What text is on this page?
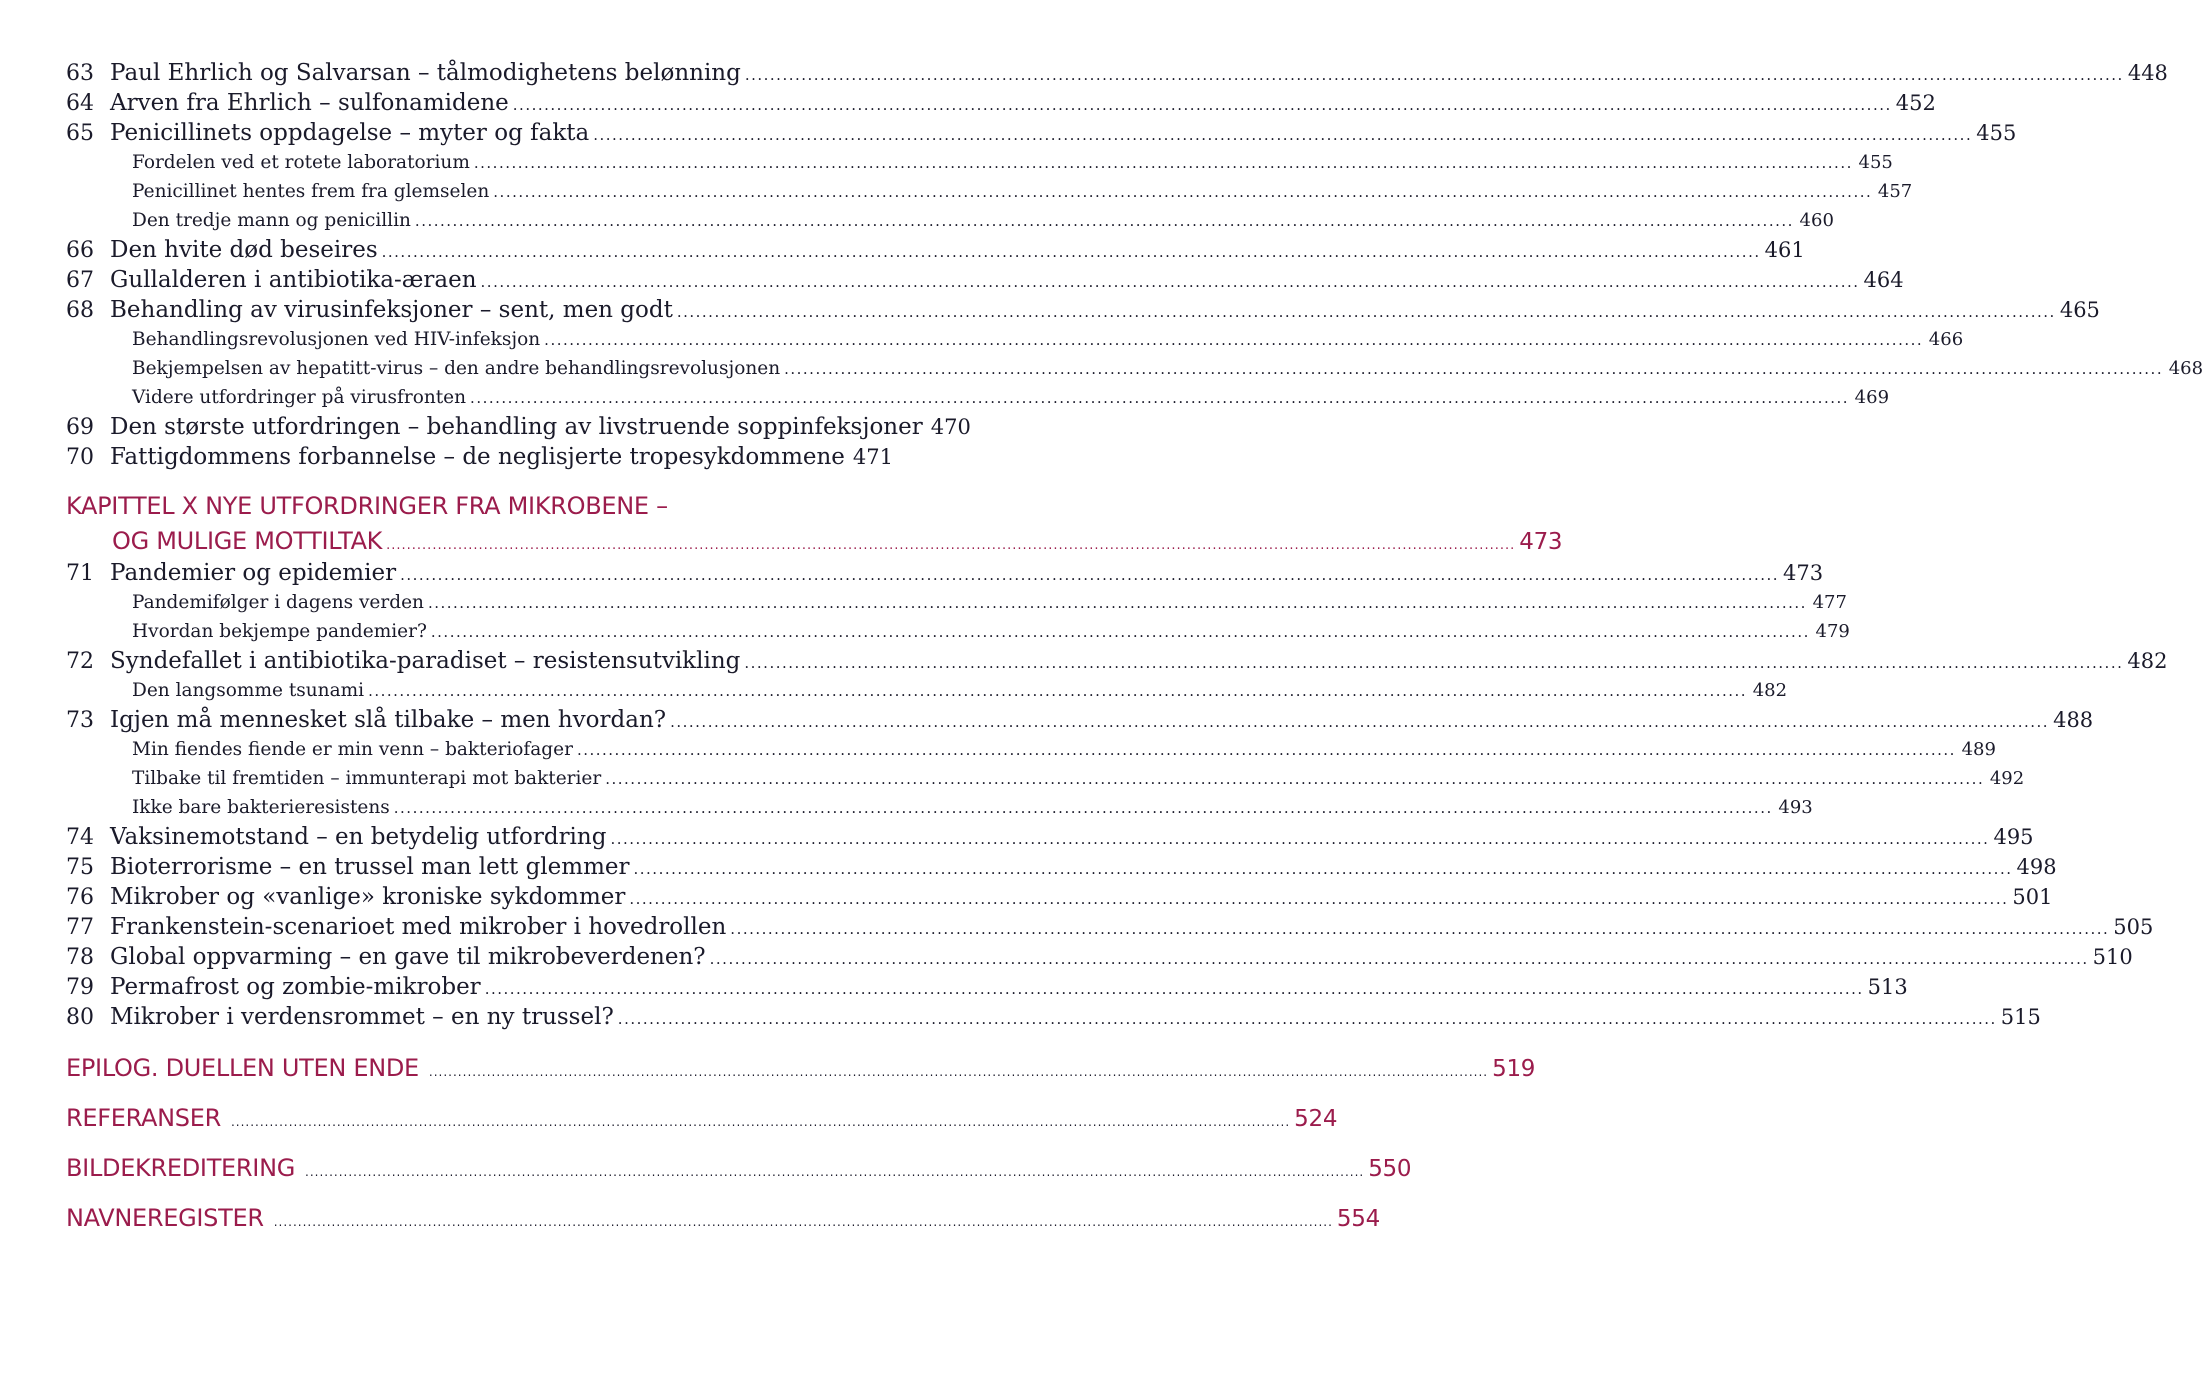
63 Paul Ehrlich og Salvarsan – tålmodighetens belønning ............................................................................................................................................................................................................................ 448
64 Arven fra Ehrlich – sulfonamidene ............................................................................................................................................................................................................................ 452
65 Penicillinets oppdagelse – myter og fakta ............................................................................................................................................................................................................................ 455
Fordelen ved et rotete laboratorium ............................................................................................................................................................................................................................ 455
Penicillinet hentes frem fra glemselen ............................................................................................................................................................................................................................ 457
Den tredje mann og penicillin ............................................................................................................................................................................................................................ 460
66 Den hvite død beseires ............................................................................................................................................................................................................................ 461
67 Gullalderen i antibiotika-æraen ............................................................................................................................................................................................................................ 464
68 Behandling av virusinfeksjoner – sent, men godt ............................................................................................................................................................................................................................ 465
Behandlingsrevolusjonen ved HIV-infeksjon ............................................................................................................................................................................................................................ 466
Bekjempelsen av hepatitt-virus – den andre behandlingsrevolusjonen ............................................................................................................................................................................................................................ 468
Videre utfordringer på virusfronten ............................................................................................................................................................................................................................ 469
69 Den største utfordringen – behandling av livstruende soppinfeksjoner 470
70 Fattigdommens forbannelse – de neglisjerte tropesykdommene 471
KAPITTEL X NYE UTFORDRINGER FRA MIKROBENE –
OG MULIGE MOTTILTAK ............................................................................................................................................................................................................................ 473
71 Pandemier og epidemier ............................................................................................................................................................................................................................ 473
Pandemifølger i dagens verden ............................................................................................................................................................................................................................ 477
Hvordan bekjempe pandemier? ............................................................................................................................................................................................................................ 479
72 Syndefallet i antibiotika-paradiset – resistensutvikling ............................................................................................................................................................................................................................ 482
Den langsomme tsunami ............................................................................................................................................................................................................................ 482
73 Igjen må mennesket slå tilbake – men hvordan? ............................................................................................................................................................................................................................ 488
Min fiendes fiende er min venn – bakteriofager ............................................................................................................................................................................................................................ 489
Tilbake til fremtiden – immunterapi mot bakterier ............................................................................................................................................................................................................................ 492
Ikke bare bakterieresistens ............................................................................................................................................................................................................................ 493
74 Vaksinemotstand – en betydelig utfordring ............................................................................................................................................................................................................................ 495
75 Bioterrorisme – en trussel man lett glemmer ............................................................................................................................................................................................................................ 498
76 Mikrober og «vanlige» kroniske sykdommer ............................................................................................................................................................................................................................ 501
77 Frankenstein-scenarioet med mikrober i hovedrollen ............................................................................................................................................................................................................................ 505
78 Global oppvarming – en gave til mikrobeverdenen? ............................................................................................................................................................................................................................ 510
79 Permafrost og zombie-mikrober ............................................................................................................................................................................................................................ 513
80 Mikrober i verdensrommet – en ny trussel? ............................................................................................................................................................................................................................ 515
EPILOG. DUELLEN UTEN ENDE ............................................................................................................................................................................................................................ 519
REFERANSER ............................................................................................................................................................................................................................ 524
BILDEKREDITERING ............................................................................................................................................................................................................................ 550
NAVNEREGISTER ............................................................................................................................................................................................................................ 554
